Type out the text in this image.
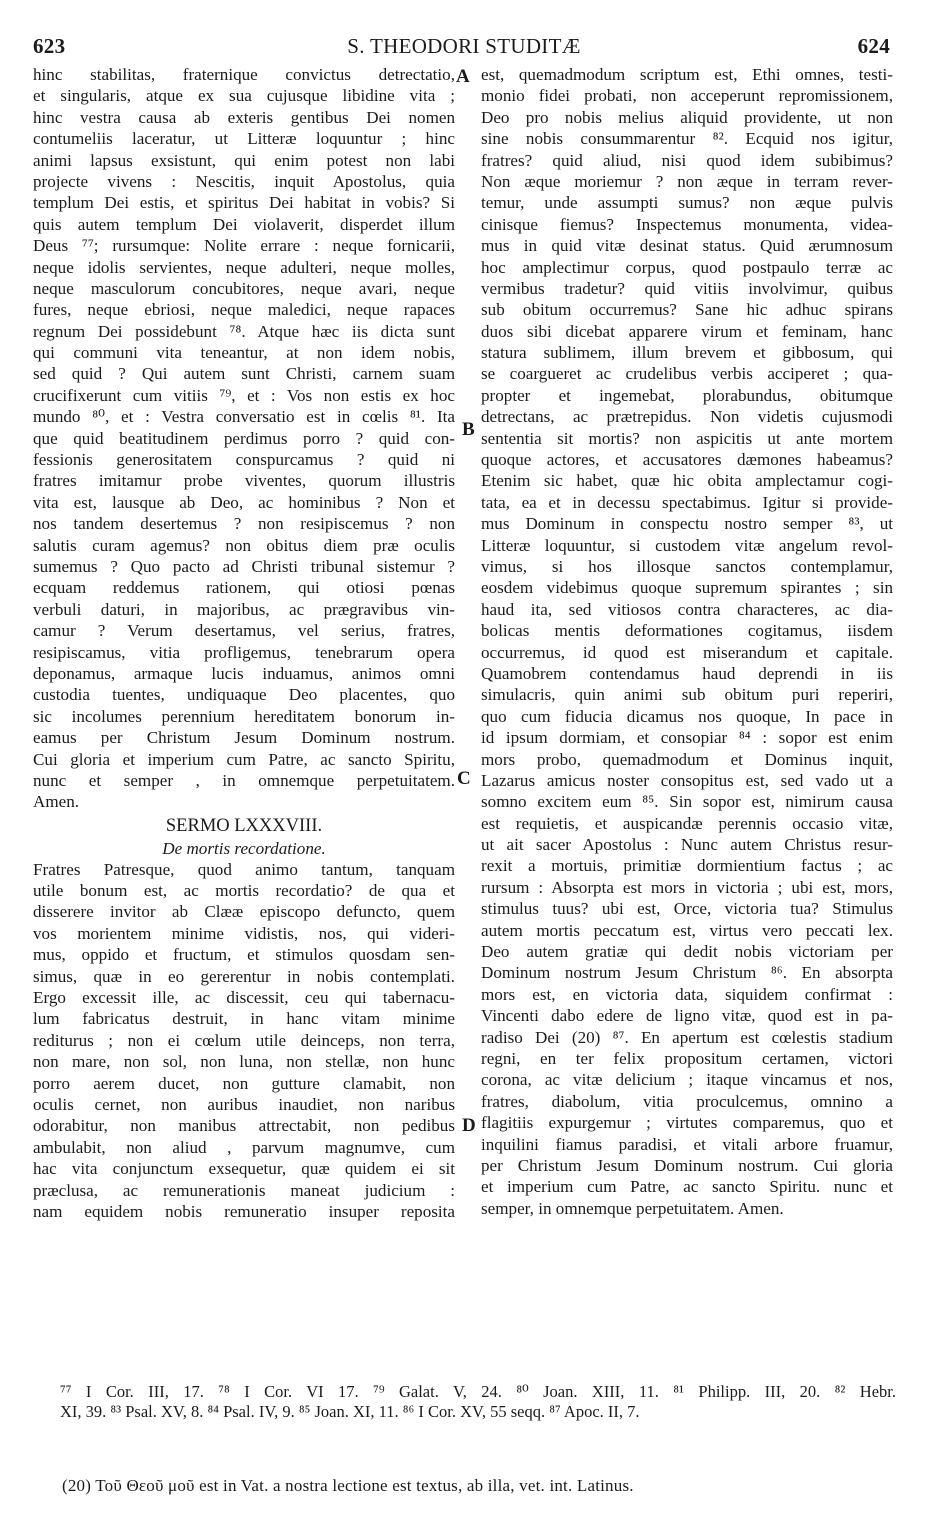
623	S. THEODORI STUDITÆ	624
hinc stabilitas, fraternique convictus detrectatio,
et singularis, atque ex sua cujusque libidine vita ;
hinc vestra causa ab exteris gentibus Dei nomen
contumeliis laceratur, ut Litteræ loquuntur ; hinc
animi lapsus exsistunt, qui enim potest non labi
projecte vivens : Nescitis, inquit Apostolus, quia
templum Dei estis, et spiritus Dei habitat in vobis? Si
quis autem templum Dei violaverit, disperdet illum
Deus ⁷⁷; rursumque: Nolite errare : neque fornicarii,
neque idolis servientes, neque adulteri, neque molles,
neque masculorum concubitores, neque avari, neque
fures, neque ebriosi, neque maledici, neque rapaces
regnum Dei possidebunt ⁷⁸. Atque hæc iis dicta sunt
qui communi vita teneantur, at non idem nobis,
sed quid ? Qui autem sunt Christi, carnem suam
crucifixerunt cum vitiis ⁷⁹, et : Vos non estis ex hoc
mundo ⁸⁰, et : Vestra conversatio est in cœlis ⁸¹. Ita
que quid beatitudinem perdimus porro ? quid con-
fessionis generositatem conspurcamus ? quid ni
fratres imitamur probe viventes, quorum illustris
vita est, lausque ab Deo, ac hominibus ? Non et
nos tandem desertemus ? non resipiscemus ? non
salutis curam agemus? non obitus diem præ oculis
sumemus ? Quo pacto ad Christi tribunal sistemur ?
ecquam reddemus rationem, qui otiosi pœnas
verbuli daturi, in majoribus, ac prægravibus vin-
camur ? Verum desertamus, vel serius, fratres,
resipiscamus, vitia profligemus, tenebrarum opera
deponamus, armaque lucis induamus, animos omni
custodia tuentes, undiquaque Deo placentes, quo
sic incolumes perennium hereditatem bonorum in-
eamus per Christum Jesum Dominum nostrum.
Cui gloria et imperium cum Patre, ac sancto Spiritu,
nunc et semper , in omnemque perpetuitatem.
Amen.
SERMO LXXXVIII.
De mortis recordatione.
Fratres Patresque, quod animo tantum, tanquam
utile bonum est, ac mortis recordatio? de qua et
disserere invitor ab Clææ episcopo defuncto, quem
vos morientem minime vidistis, nos, qui videri-
mus, oppido et fructum, et stimulos quosdam sen-
simus, quæ in eo gererentur in nobis contemplati.
Ergo excessit ille, ac discessit, ceu qui tabernacu-
lum fabricatus destruit, in hanc vitam minime
rediturus ; non ei cœlum utile deinceps, non terra,
non mare, non sol, non luna, non stellæ, non hunc
porro aerem ducet, non gutture clamabit, non
oculis cernet, non auribus inaudiet, non naribus
odorabitur, non manibus attrectabit, non pedibus
ambulabit, non aliud , parvum magnumve, cum
hac vita conjunctum exsequetur, quæ quidem ei sit
præclusa, ac remunerationis maneat judicium :
nam equidem nobis remuneratio insuper reposita
est, quemadmodum scriptum est, Ethi omnes, testi-
monio fidei probati, non acceperunt repromissionem,
Deo pro nobis melius aliquid providente, ut non
sine nobis consummarentur ⁸². Ecquid nos igitur,
fratres? quid aliud, nisi quod idem subibimus?
Non æque moriemur ? non æque in terram rever-
temur, unde assumpti sumus? non æque pulvis
cinisque fiemus? Inspectemus monumenta, videa-
mus in quid vitæ desinat status. Quid ærumnosum
hoc amplectimur corpus, quod postpaulo terræ ac
vermibus tradetur? quid vitiis involvimur, quibus
sub obitum occurremus? Sane hic adhuc spirans
duos sibi dicebat apparere virum et feminam, hanc
statura sublimem, illum brevem et gibbosum, qui
se coargueret ac crudelibus verbis acciperet ; qua-
propter et ingemebat, plorabundus, obitumque
detrectans, ac prætrepidus. Non videtis cujusmodi
sententia sit mortis? non aspicitis ut ante mortem
quoque actores, et accusatores dæmones habeamus?
Etenim sic habet, quæ hic obita amplectamur cogi-
tata, ea et in decessu spectabimus. Igitur si provide-
mus Dominum in conspectu nostro semper ⁸³, ut
Litteræ loquuntur, si custodem vitæ angelum revol-
vimus, si hos illosque sanctos contemplamur,
eosdem videbimus quoque supremum spirantes ; sin
haud ita, sed vitiosos contra characteres, ac dia-
bolicas mentis deformationes cogitamus, iisdem
occurremus, id quod est miserandum et capitale.
Quamobrem contendamus haud deprendi in iis
simulacris, quin animi sub obitum puri reperiri,
quo cum fiducia dicamus nos quoque, In pace in
id ipsum dormiam, et consopiar ⁸⁴ : sopor est enim
mors probo, quemadmodum et Dominus inquit,
Lazarus amicus noster consopitus est, sed vado ut a
somno excitem eum ⁸⁵. Sin sopor est, nimirum causa
est requietis, et auspicandæ perennis occasio vitæ,
ut ait sacer Apostolus : Nunc autem Christus resur-
rexit a mortuis, primitiæ dormientium factus ; ac
rursum : Absorpta est mors in victoria ; ubi est, mors,
stimulus tuus? ubi est, Orce, victoria tua? Stimulus
autem mortis peccatum est, virtus vero peccati lex.
Deo autem gratiæ qui dedit nobis victoriam per
Dominum nostrum Jesum Christum ⁸⁶. En absorpta
mors est, en victoria data, siquidem confirmat :
Vincenti dabo edere de ligno vitæ, quod est in pa-
radiso Dei (20) ⁸⁷. En apertum est cœlestis stadium
regni, en ter felix propositum certamen, victori
corona, ac vitæ delicium ; itaque vincamus et nos,
fratres, diabolum, vitia proculcemus, omnino a
flagitiis expurgemur ; virtutes comparemus, quo et
inquilini fiamus paradisi, et vitali arbore fruamur,
per Christum Jesum Dominum nostrum. Cui gloria
et imperium cum Patre, ac sancto Spiritu. nunc et
semper, in omnemque perpetuitatem. Amen.
A
B
C
D
⁷⁷ I Cor. III, 17. ⁷⁸ I Cor. VI 17. ⁷⁹ Galat. V, 24. ⁸⁰ Joan. XIII, 11. ⁸¹ Philipp. III, 20. ⁸² Hebr.
XI, 39. ⁸³ Psal. XV, 8. ⁸⁴ Psal. IV, 9. ⁸⁵ Joan. XI, 11. ⁸⁶ I Cor. XV, 55 seqq. ⁸⁷ Apoc. II, 7.
(20) Τοῦ Θεοῦ μοῦ est in Vat. a nostra lectione est textus, ab illa, vet. int. Latinus.
